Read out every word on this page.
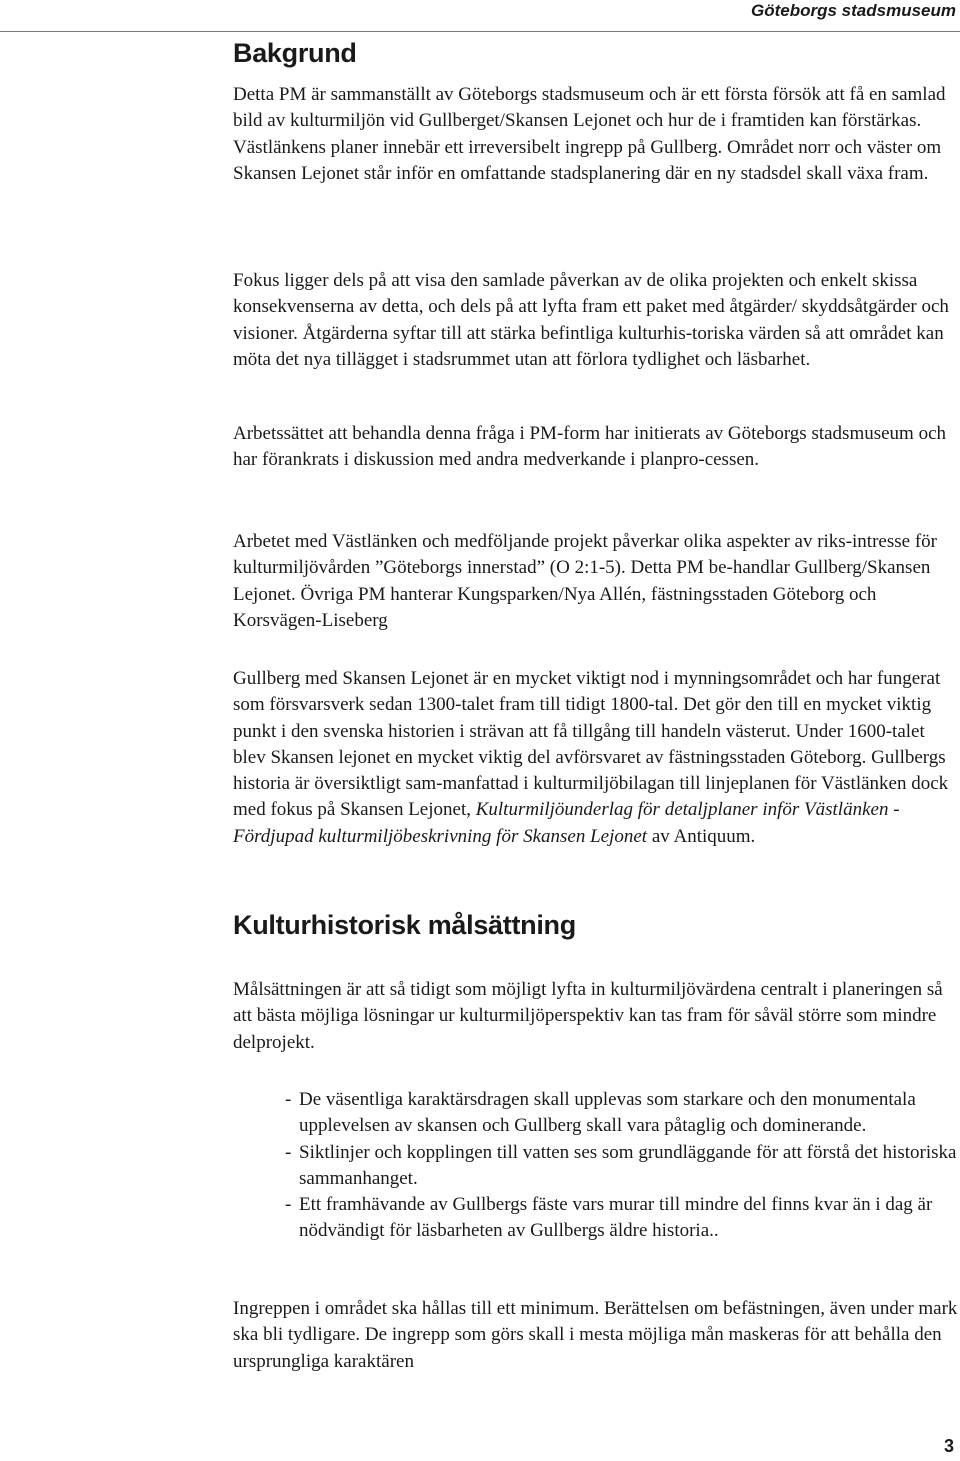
Göteborgs stadsmuseum
Bakgrund

Detta PM är sammanställt av Göteborgs stadsmuseum och är ett första försök att få en samlad bild av kulturmiljön vid Gullberget/Skansen Lejonet och hur de i framtiden kan förstärkas. Västlänkens planer innebär ett irreversibelt ingrepp på Gullberg. Området norr och väster om Skansen Lejonet står inför en omfattande stadsplanering där en ny stadsdel skall växa fram.

Fokus ligger dels på att visa den samlade påverkan av de olika projekten och enkelt skissa konsekvenserna av detta, och dels på att lyfta fram ett paket med åtgärder/ skyddsåtgärder och visioner. Åtgärderna syftar till att stärka befintliga kulturhis-toriska värden så att området kan möta det nya tillägget i stadsrummet utan att förlora tydlighet och läsbarhet.

Arbetssättet att behandla denna fråga i PM-form har initierats av Göteborgs stadsmuseum och har förankrats i diskussion med andra medverkande i planpro-cessen.

Arbetet med Västlänken och medföljande projekt påverkar olika aspekter av riks-intresse för kulturmiljövården ”Göteborgs innerstad” (O 2:1-5). Detta PM be-handlar Gullberg/Skansen Lejonet. Övriga PM hanterar Kungsparken/Nya Allén, fästningsstaden Göteborg och Korsvägen-Liseberg

Gullberg med Skansen Lejonet är en mycket viktigt nod i mynningsområdet och har fungerat som försvarsverk sedan 1300-talet fram till tidigt 1800-tal. Det gör den till en mycket viktig punkt i den svenska historien i strävan att få tillgång till handeln västerut. Under 1600-talet blev Skansen lejonet en mycket viktig del avförsvaret av fästningsstaden Göteborg. Gullbergs historia är översiktligt sam-manfattad i kulturmiljöbilagan till linjeplanen för Västlänken dock med fokus på Skansen Lejonet, Kulturmiljöunderlag för detaljplaner inför Västlänken - Fördjupad kulturmiljöbeskrivning för Skansen Lejonet av Antiquum.

Kulturhistorisk målsättning

Målsättningen är att så tidigt som möjligt lyfta in kulturmiljövärdena centralt i planeringen så att bästa möjliga lösningar ur kulturmiljöperspektiv kan tas fram för såväl större som mindre delprojekt.

- De väsentliga karaktärsdragen skall upplevas som starkare och den monumentala upplevelsen av skansen och Gullberg skall vara påtaglig och dominerande.
- Siktlinjer och kopplingen till vatten ses som grundläggande för att förstå det historiska sammanhanget.
- Ett framhävande av Gullbergs fäste vars murar till mindre del finns kvar än i dag är nödvändigt för läsbarheten av Gullbergs äldre historia..

Ingreppen i området ska hållas till ett minimum. Berättelsen om befästningen, även under mark ska bli tydligare. De ingrepp som görs skall i mesta möjliga mån maskeras för att behålla den ursprungliga karaktären

3
